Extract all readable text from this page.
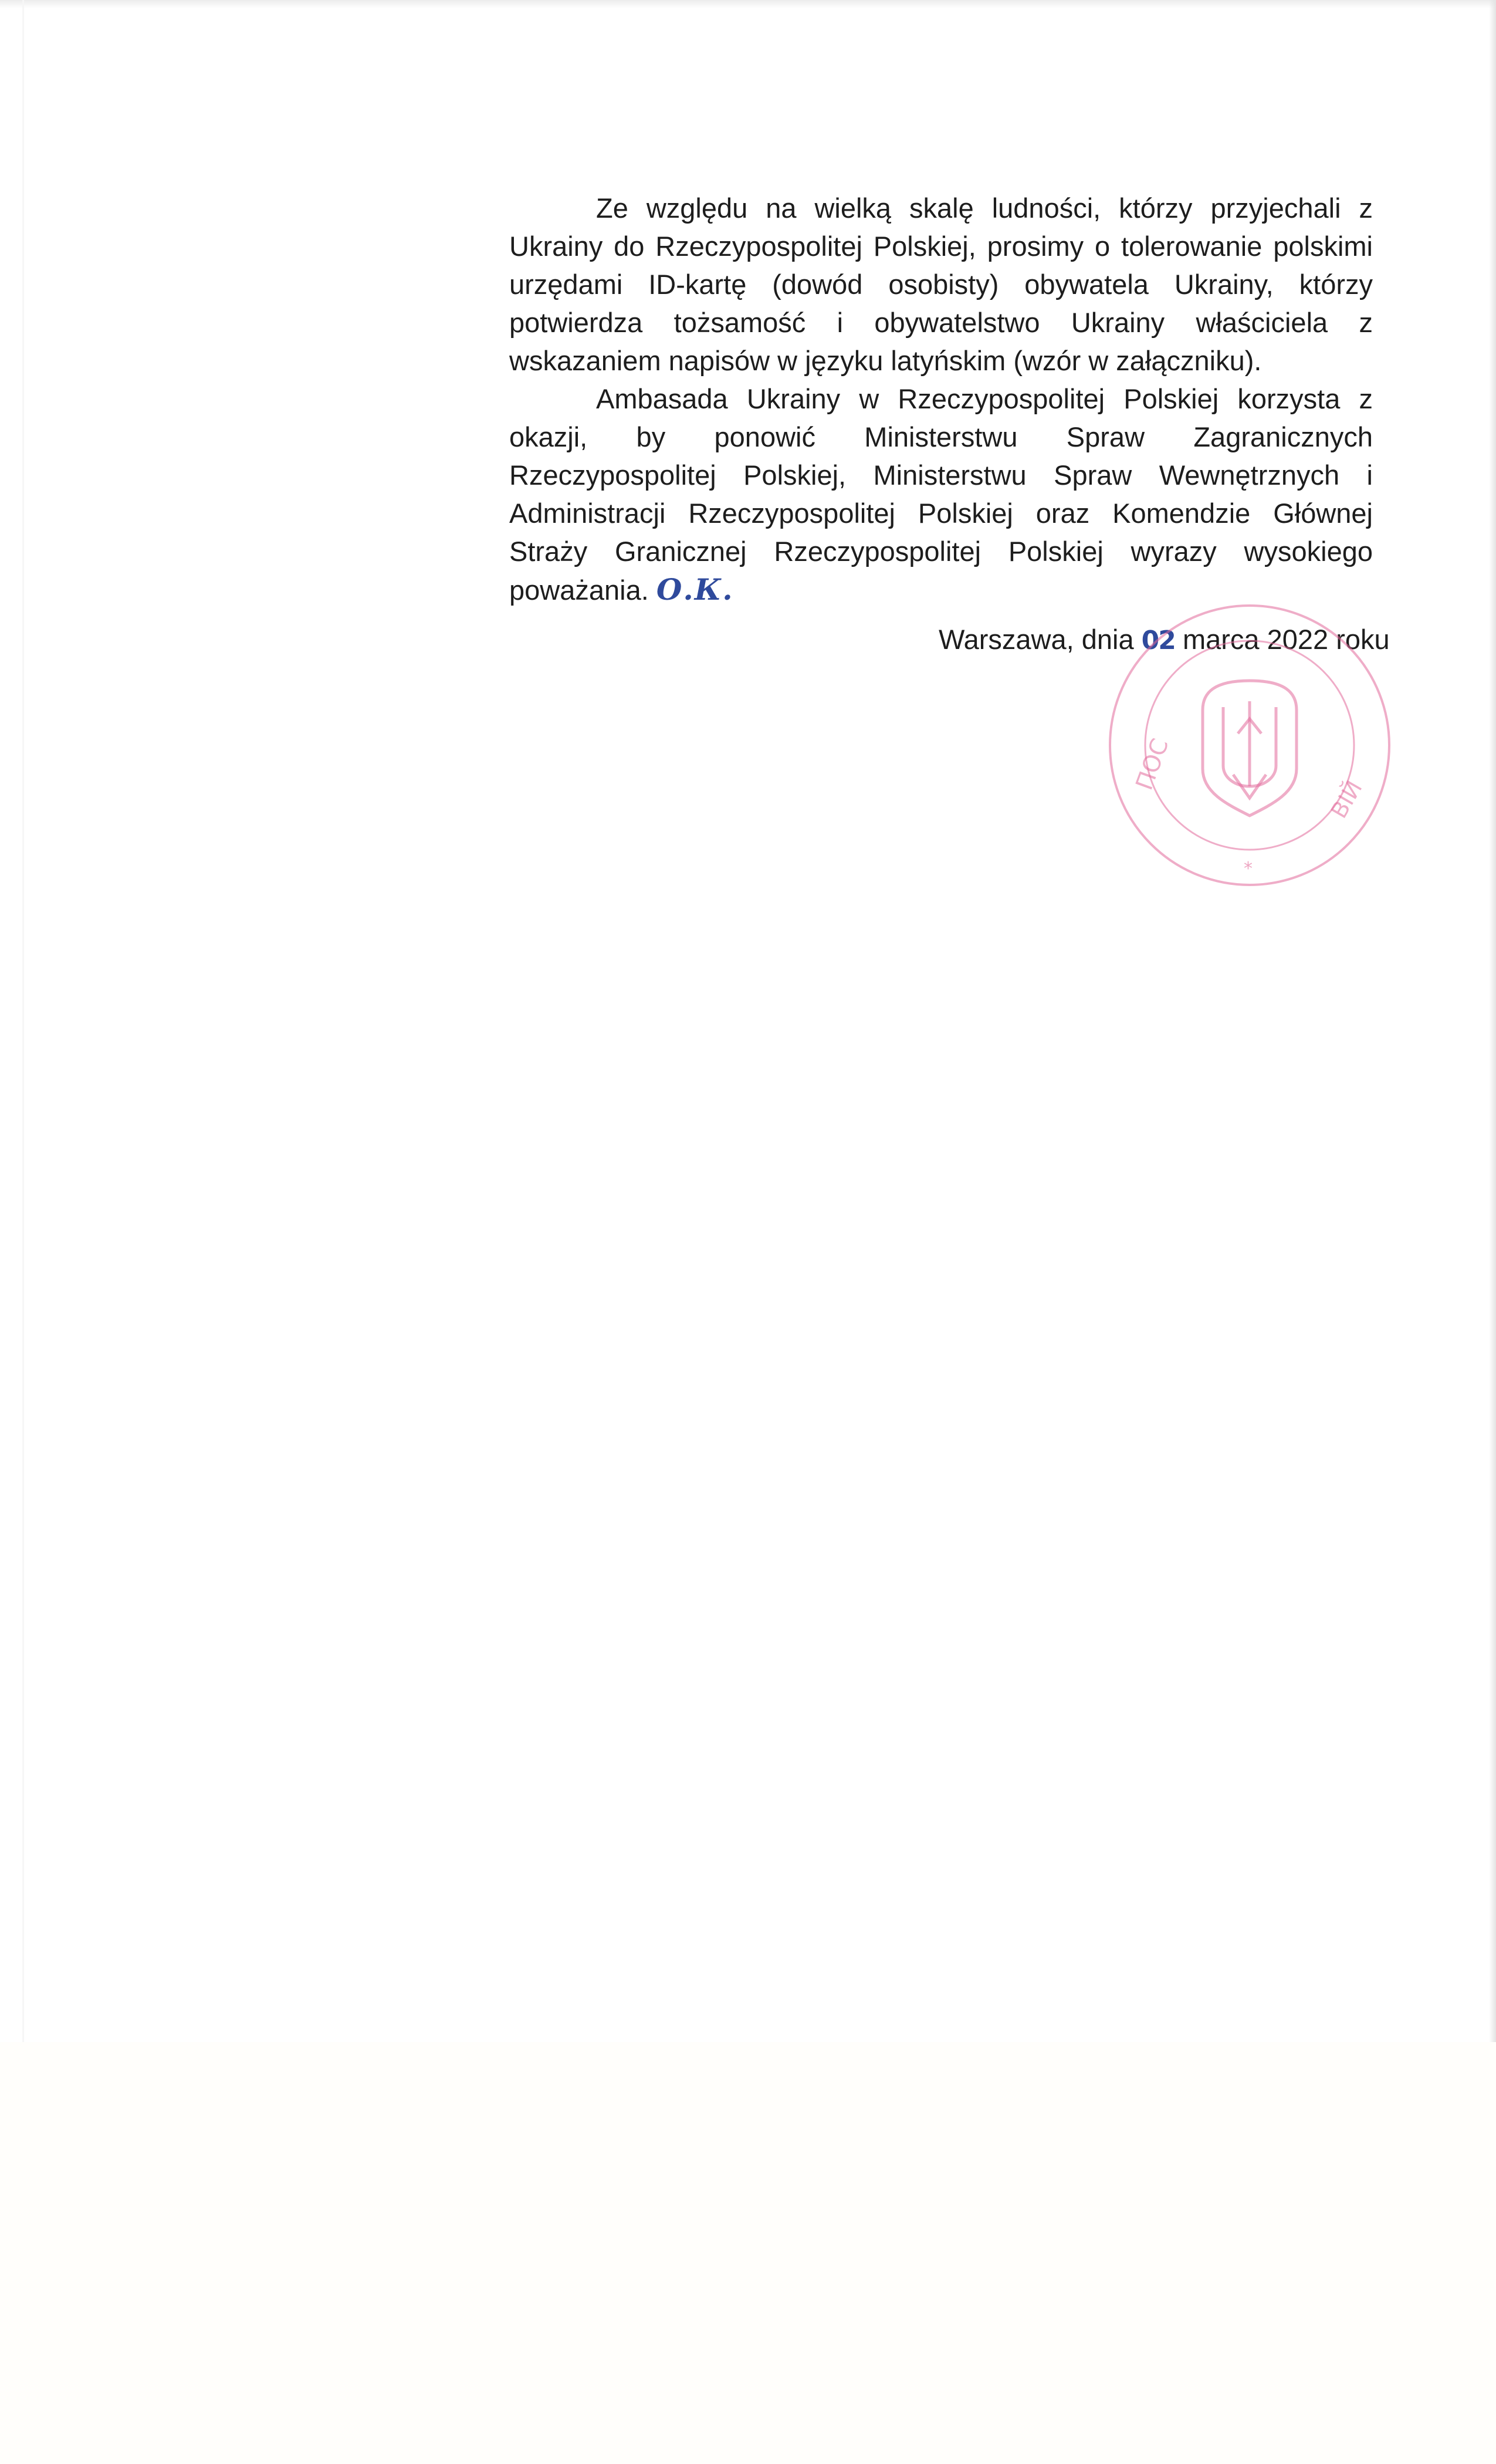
Ze względu na wielką skalę ludności, którzy przyjechali z Ukrainy do Rzeczypospolitej Polskiej, prosimy o tolerowanie polskimi urzędami ID-kartę (dowód osobisty) obywatela Ukrainy, którzy potwierdza tożsamość i obywatelstwo Ukrainy właściciela z wskazaniem napisów w języku latyńskim (wzór w załączniku).

Ambasada Ukrainy w Rzeczypospolitej Polskiej korzysta z okazji, by ponowić Ministerstwu Spraw Zagranicznych Rzeczypospolitej Polskiej, Ministerstwu Spraw Wewnętrznych i Administracji Rzeczypospolitej Polskiej oraz Komendzie Głównej Straży Granicznej Rzeczypospolitej Polskiej wyrazy wysokiego poważania. О.К.

Warszawa, dnia 02 marca 2022 roku
ПОС
ВІЙ
*
